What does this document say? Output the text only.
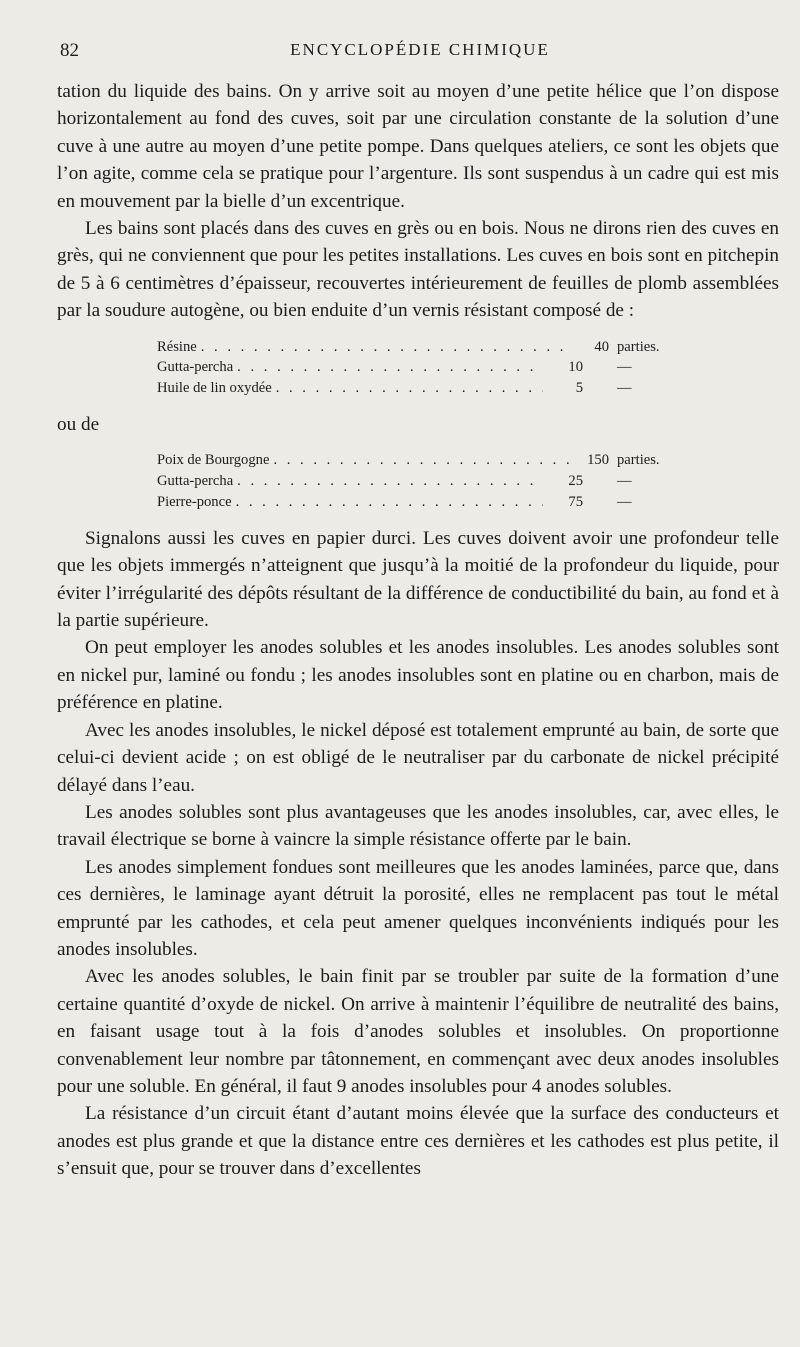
82	ENCYCLOPÉDIE CHIMIQUE

tation du liquide des bains. On y arrive soit au moyen d’une petite hélice que l’on dispose horizontalement au fond des cuves, soit par une circulation constante de la solution d’une cuve à une autre au moyen d’une petite pompe. Dans quelques ateliers, ce sont les objets que l’on agite, comme cela se pratique pour l’argenture. Ils sont suspendus à un cadre qui est mis en mouvement par la bielle d’un excentrique.

Les bains sont placés dans des cuves en grès ou en bois. Nous ne dirons rien des cuves en grès, qui ne conviennent que pour les petites installations. Les cuves en bois sont en pitchepin de 5 à 6 centimètres d’épaisseur, recouvertes intérieurement de feuilles de plomb assemblées par la soudure autogène, ou bien enduite d’un vernis résistant composé de :

Résine . . .	40 parties.
Gutta-percha . . .	10	—
Huile de lin oxydée . . .	5	—

ou de

Poix de Bourgogne . . .	150 parties.
Gutta-percha . . .	25	—
Pierre-ponce . . .	75	—

Signalons aussi les cuves en papier durci. Les cuves doivent avoir une profondeur telle que les objets immergés n’atteignent que jusqu’à la moitié de la profondeur du liquide, pour éviter l’irrégularité des dépôts résultant de la différence de conductibilité du bain, au fond et à la partie supérieure.

On peut employer les anodes solubles et les anodes insolubles. Les anodes solubles sont en nickel pur, laminé ou fondu ; les anodes insolubles sont en platine ou en charbon, mais de préférence en platine.

Avec les anodes insolubles, le nickel déposé est totalement emprunté au bain, de sorte que celui-ci devient acide ; on est obligé de le neutraliser par du carbonate de nickel précipité délayé dans l’eau.

Les anodes solubles sont plus avantageuses que les anodes insolubles, car, avec elles, le travail électrique se borne à vaincre la simple résistance offerte par le bain.

Les anodes simplement fondues sont meilleures que les anodes laminées, parce que, dans ces dernières, le laminage ayant détruit la porosité, elles ne remplacent pas tout le métal emprunté par les cathodes, et cela peut amener quelques inconvénients indiqués pour les anodes insolubles.

Avec les anodes solubles, le bain finit par se troubler par suite de la formation d’une certaine quantité d’oxyde de nickel. On arrive à maintenir l’équilibre de neutralité des bains, en faisant usage tout à la fois d’anodes solubles et insolubles. On proportionne convenablement leur nombre par tâtonnement, en commençant avec deux anodes insolubles pour une soluble. En général, il faut 9 anodes insolubles pour 4 anodes solubles.

La résistance d’un circuit étant d’autant moins élevée que la surface des conducteurs et anodes est plus grande et que la distance entre ces dernières et les cathodes est plus petite, il s’ensuit que, pour se trouver dans d’excellentes
